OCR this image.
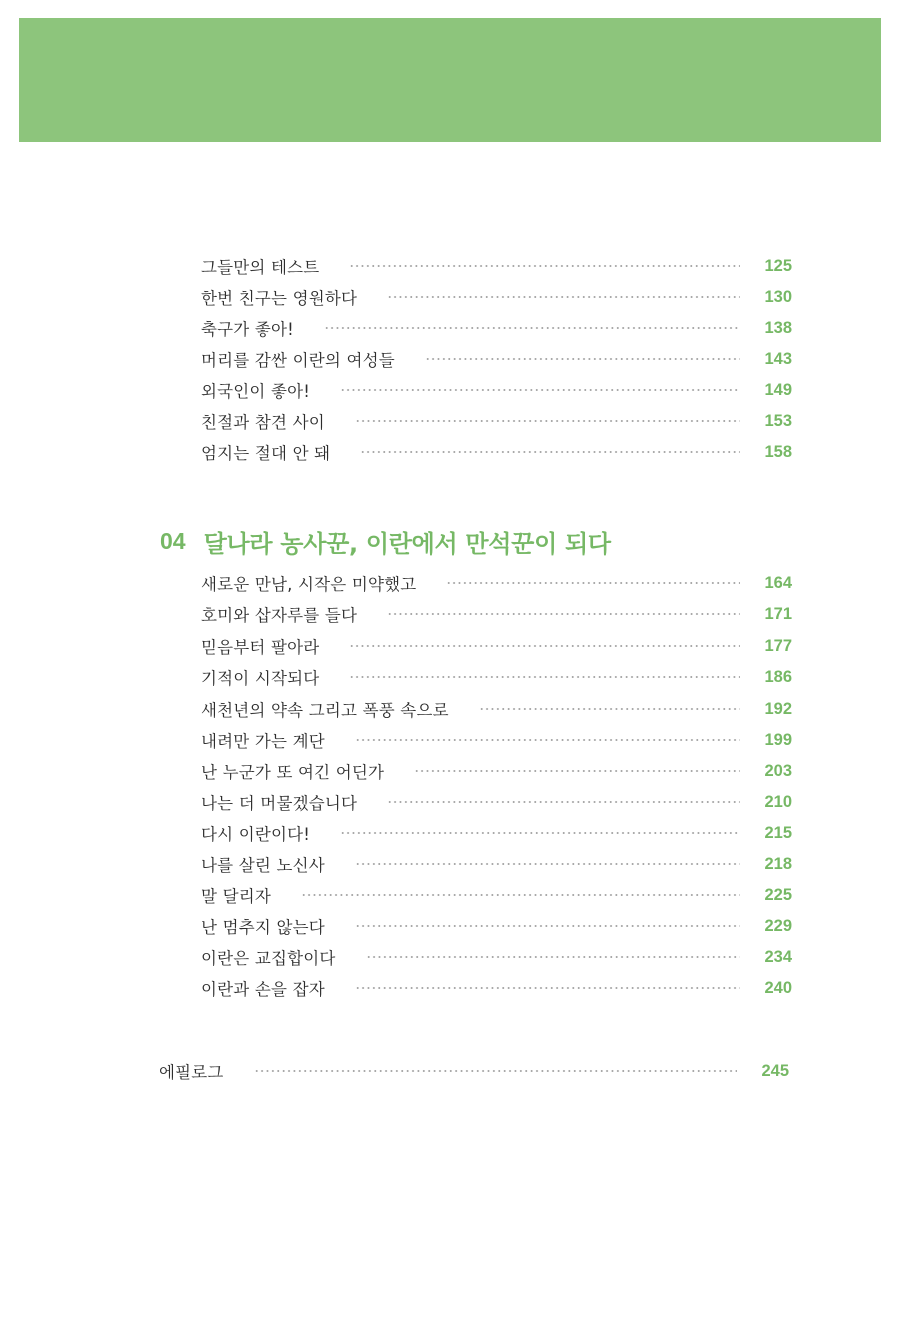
그들만의 테스트	125
한번 친구는 영원하다	130
축구가 좋아!	138
머리를 감싼 이란의 여성들	143
외국인이 좋아!	149
친절과 참견 사이	153
엄지는 절대 안 돼	158
04 달나라 농사꾼, 이란에서 만석꾼이 되다
새로운 만남, 시작은 미약했고	164
호미와 삽자루를 들다	171
믿음부터 팔아라	177
기적이 시작되다	186
새천년의 약속 그리고 폭풍 속으로	192
내려만 가는 계단	199
난 누군가 또 여긴 어딘가	203
나는 더 머물겠습니다	210
다시 이란이다!	215
나를 살린 노신사	218
말 달리자	225
난 멈추지 않는다	229
이란은 교집합이다	234
이란과 손을 잡자	240
에필로그	245
